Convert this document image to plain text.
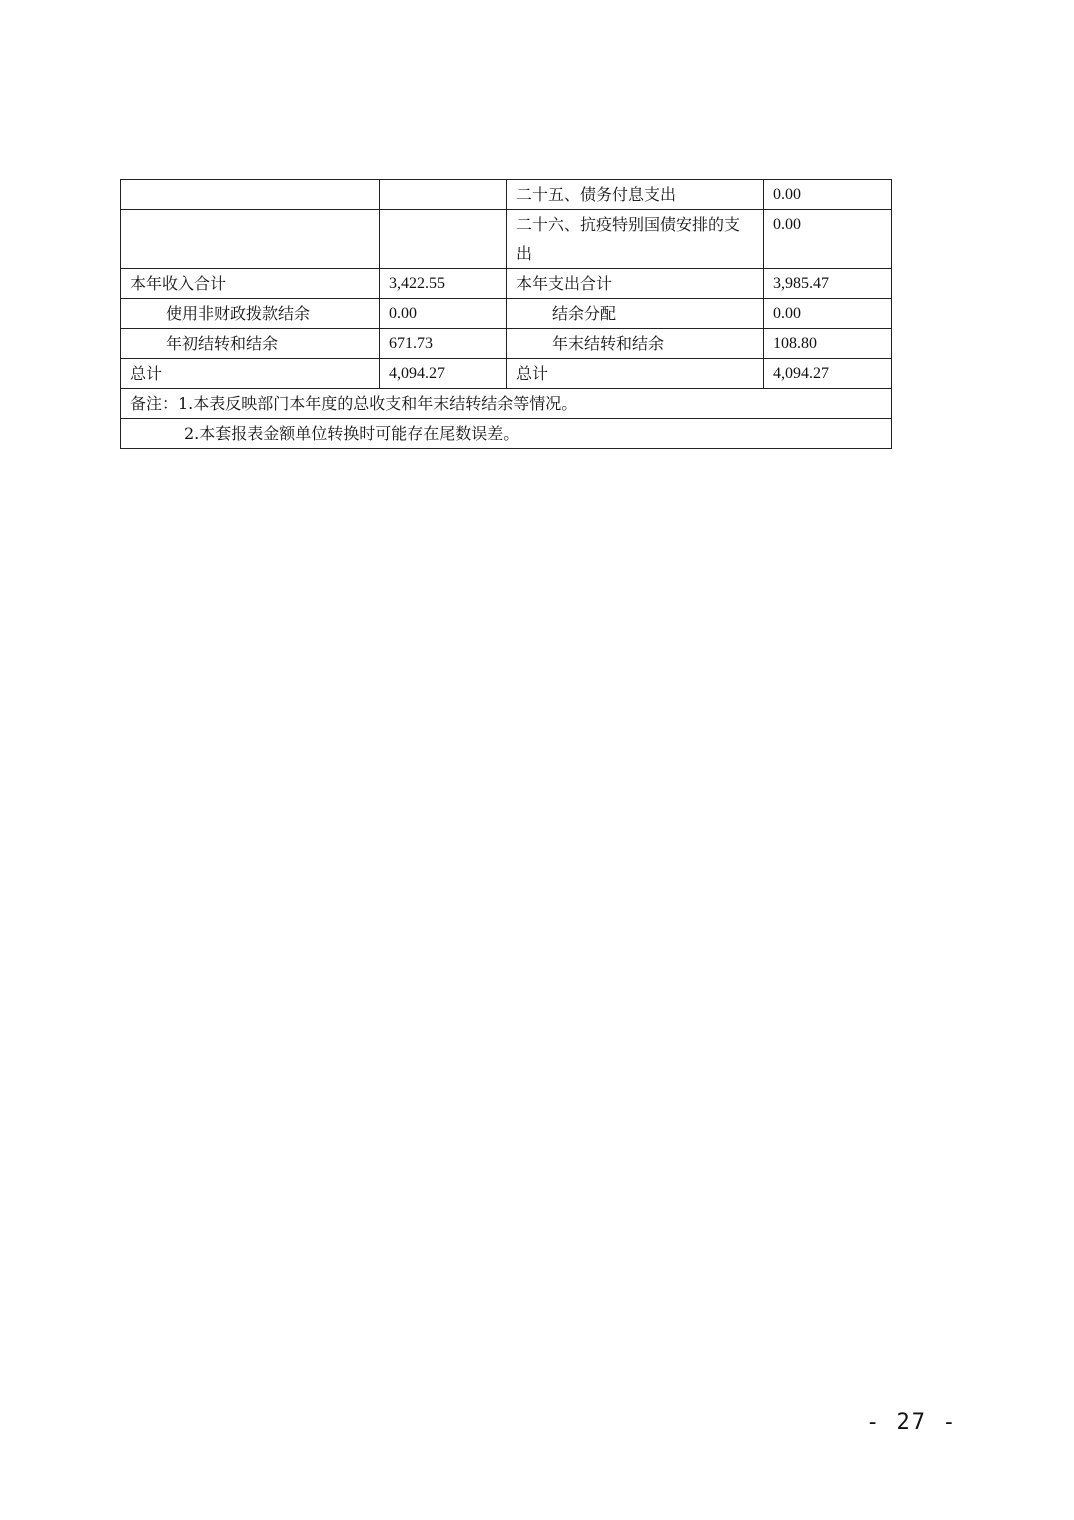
		二十五、债务付息支出	0.00
		二十六、抗疫特别国债安排的支出	0.00
本年收入合计	3,422.55	本年支出合计	3,985.47
使用非财政拨款结余	0.00	结余分配	0.00
年初结转和结余	671.73	年末结转和结余	108.80
总计	4,094.27	总计	4,094.27
备注：1.本表反映部门本年度的总收支和年末结转结余等情况。			
2.本套报表金额单位转换时可能存在尾数误差。			
- 27 -
